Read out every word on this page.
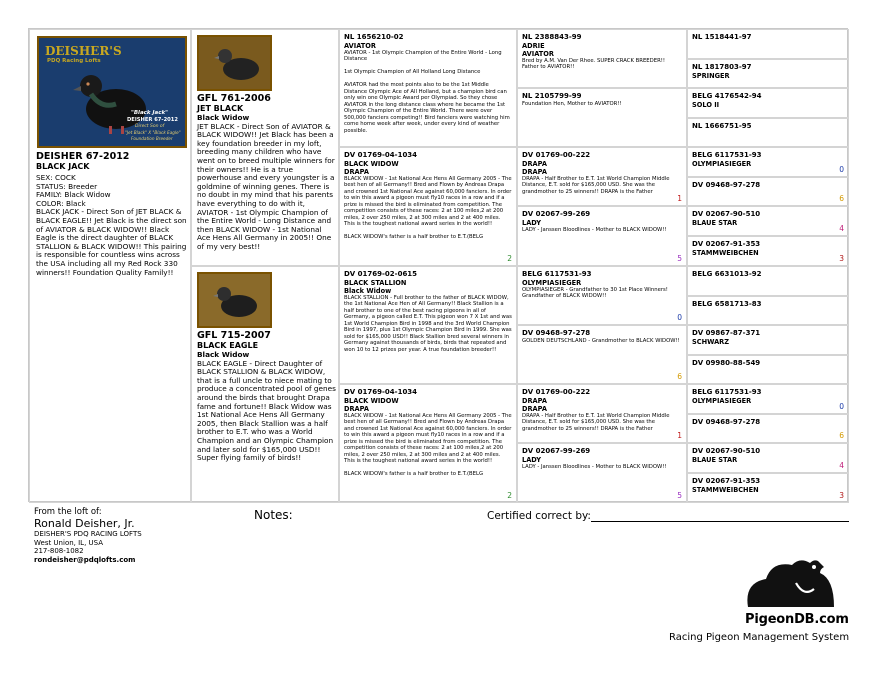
DEISHER'S
PDQ Racing Lofts
"Black Jack"
DEISHER 67-2012
Direct Son of
"Jet Black" X "Black Eagle"
Foundation Breeder
DEISHER 67-2012
BLACK JACK
SEX: COCK
STATUS: Breeder
FAMILY: Black Widow
COLOR: Black
BLACK JACK - Direct Son of JET BLACK & BLACK EAGLE!! Jet Black is the direct son of AVIATOR & BLACK WIDOW!! Black Eagle is the direct daughter of BLACK STALLION & BLACK WIDOW!! This pairing is responsible for countless wins across the USA including all my Red Rock 330 winners!! Foundation Quality Family!!
GFL 761-2006
JET BLACK
Black Widow
JET BLACK - Direct Son of AVIATOR & BLACK WIDOW!! Jet Black has been a key foundation breeder in my loft, breeding many children who have went on to breed multiple winners for their owners!! He is a true powerhouse and every youngster is a goldmine of winning genes. There is no doubt in my mind that his parents have everything to do with it, AVIATOR - 1st Olympic Champion of the Entire World - Long Distance and then BLACK WIDOW - 1st National Ace Hens All Germany in 2005!! One of my very best!!
GFL 715-2007
BLACK EAGLE
Black Widow
BLACK EAGLE - Direct Daughter of BLACK STALLION & BLACK WIDOW, that is a full uncle to niece mating to produce a concentrated pool of genes around the birds that brought Drapa fame and fortune!! Black Widow was 1st National Ace Hens All Germany 2005, then Black Stallion was a half brother to E.T. who was a World Champion and an Olympic Champion and later sold for $165,000 USD!! Super flying family of birds!!
NL 1656210-02
AVIATOR
AVIATOR - 1st Olympic Champion of the Entire World - Long Distance

1st Olympic Champion of All Holland Long Distance

AVIATOR had the most points also to be the 1st Middle Distance Olympic Ace of All Holland, but a champion bird can only win one Olympic Award per Olympiad. So they chose AVIATOR in the long distance class where he became the 1st Olympic Champion of the Entire World. There were over 500,000 fanciers competing!! Bird fanciers were watching him come home week after week, under every kind of weather possible.
DV 01769-04-1034
BLACK WIDOW
DRAPA
BLACK WIDOW - 1st National Ace Hens All Germany 2005 - The best hen of all Germany!! Bred and Flown by Andreas Drapa and crowned 1st National Ace against 60,000 fanciers. In order to win this award a pigeon must fly10 races in a row and if a prize is missed the bird is eliminated from competition. The competition consists of these races: 2 at 100 miles,2 at 200 miles, 2 over 250 miles, 2 at 300 miles and 2 at 400 miles. This is the toughest national award series in the world!!

BLACK WIDOW's father is a half brother to E.T.(BELG
2
DV 01769-02-0615
BLACK STALLION
Black Widow
BLACK STALLION - Full brother to the father of BLACK WIDOW, the 1st National Ace Hen of All Germany!! Black Stallion is a half brother to one of the best racing pigeons in all of Germany, a pigeon called E.T. This pigeon won 7 X 1st and was 1st World Champion Bird in 1998 and the 3rd World Champion Bird in 1997, plus 1st Olympic Champion Bird in 1999. She was sold for $165,000 USD!! Black Stallion bred several winners in Germany against thousands of birds, birds that repeated and won 10 to 12 prizes per year. A true foundation breeder!!
DV 01769-04-1034
BLACK WIDOW
DRAPA
BLACK WIDOW - 1st National Ace Hens All Germany 2005 - The best hen of all Germany!! Bred and Flown by Andreas Drapa and crowned 1st National Ace against 60,000 fanciers. In order to win this award a pigeon must fly10 races in a row and if a prize is missed the bird is eliminated from competition. The competition consists of these races: 2 at 100 miles,2 at 200 miles, 2 over 250 miles, 2 at 300 miles and 2 at 400 miles. This is the toughest national award series in the world!!

BLACK WIDOW's father is a half brother to E.T.(BELG
2
NL 2388843-99
ADRIE
AVIATOR
Bred by A.M. Van Der Rhee. SUPER CRACK BREEDER!! Father to AVIATOR!!
NL 2105799-99
Foundation Hen, Mother to AVIATOR!!
DV 01769-00-222
DRAPA
DRAPA
DRAPA - Half Brother to E.T. 1st World Champion Middle Distance, E.T. sold for $165,000 USD. She was the grandmother to 25 winners!! DRAPA is the Father
1
DV 02067-99-269
LADY
LADY - Janssen Bloodlines - Mother to BLACK WIDOW!!
5
BELG 6117531-93
OLYMPIASIEGER
OLYMPIASIEGER - Grandfather to 30 1st Place Winners! Grandfather of BLACK WIDOW!!
0
DV 09468-97-278
GOLDEN DEUTSCHLAND - Grandmother to BLACK WIDOW!!
6
DV 01769-00-222
DRAPA
DRAPA
DRAPA - Half Brother to E.T. 1st World Champion Middle Distance, E.T. sold for $165,000 USD. She was the grandmother to 25 winners!! DRAPA is the Father
1
DV 02067-99-269
LADY
LADY - Janssen Bloodlines - Mother to BLACK WIDOW!!
5
NL 1518441-97
NL 1817803-97
SPRINGER
BELG 4176542-94
SOLO II
NL 1666751-95
BELG 6117531-93
OLYMPIASIEGER
0
DV 09468-97-278
6
DV 02067-90-510
BLAUE STAR
4
DV 02067-91-353
STAMMWEIBCHEN
3
BELG 6631013-92
BELG 6581713-83
DV 09867-87-371
SCHWARZ
DV 09980-88-549
BELG 6117531-93
OLYMPIASIEGER
0
DV 09468-97-278
6
DV 02067-90-510
BLAUE STAR
4
DV 02067-91-353
STAMMWEIBCHEN
3
From the loft of:
Ronald Deisher, Jr.
DEISHER'S PDQ RACING LOFTS
West Union, IL, USA
217-808-1082
rondeisher@pdqlofts.com
Notes:	Certified correct by:
PigeonDB.com
Racing Pigeon Management System
